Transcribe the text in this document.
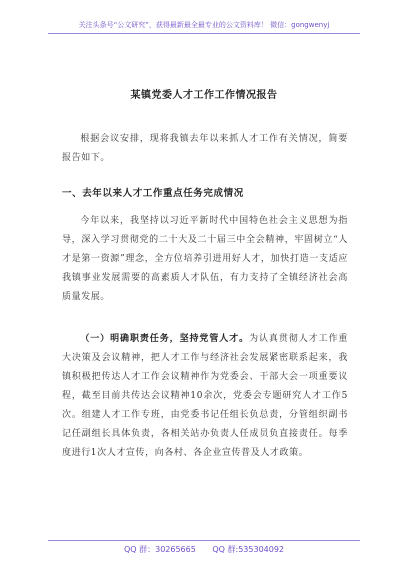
关注头条号“公文研究”，获得最新最全最专业的公文资料库！ 微信：gongwenyj
某镇党委人才工作工作情况报告
根据会议安排，现将我镇去年以来抓人才工作有关情况，简要报告如下。
一、去年以来人才工作重点任务完成情况
今年以来，我坚持以习近平新时代中国特色社会主义思想为指导，深入学习贯彻党的二十大及二十届三中全会精神，牢固树立“人才是第一资源”理念，全方位培养引进用好人才，加快打造一支适应我镇事业发展需要的高素质人才队伍，有力支持了全镇经济社会高质量发展。
（一）明确职责任务，坚持党管人才。为认真贯彻人才工作重大决策及会议精神，把人才工作与经济社会发展紧密联系起来，我镇积极把传达人才工作会议精神作为党委会、干部大会一项重要议程，截至目前共传达会议精神10余次，党委会专题研究人才工作5次。组建人才工作专班，由党委书记任组长负总责，分管组织副书记任副组长具体负责，各相关站办负责人任成员负直接责任。每季度进行1次人才宣传，向各村、各企业宣传普及人才政策。
QQ 群：30265665 QQ 群:535304092
